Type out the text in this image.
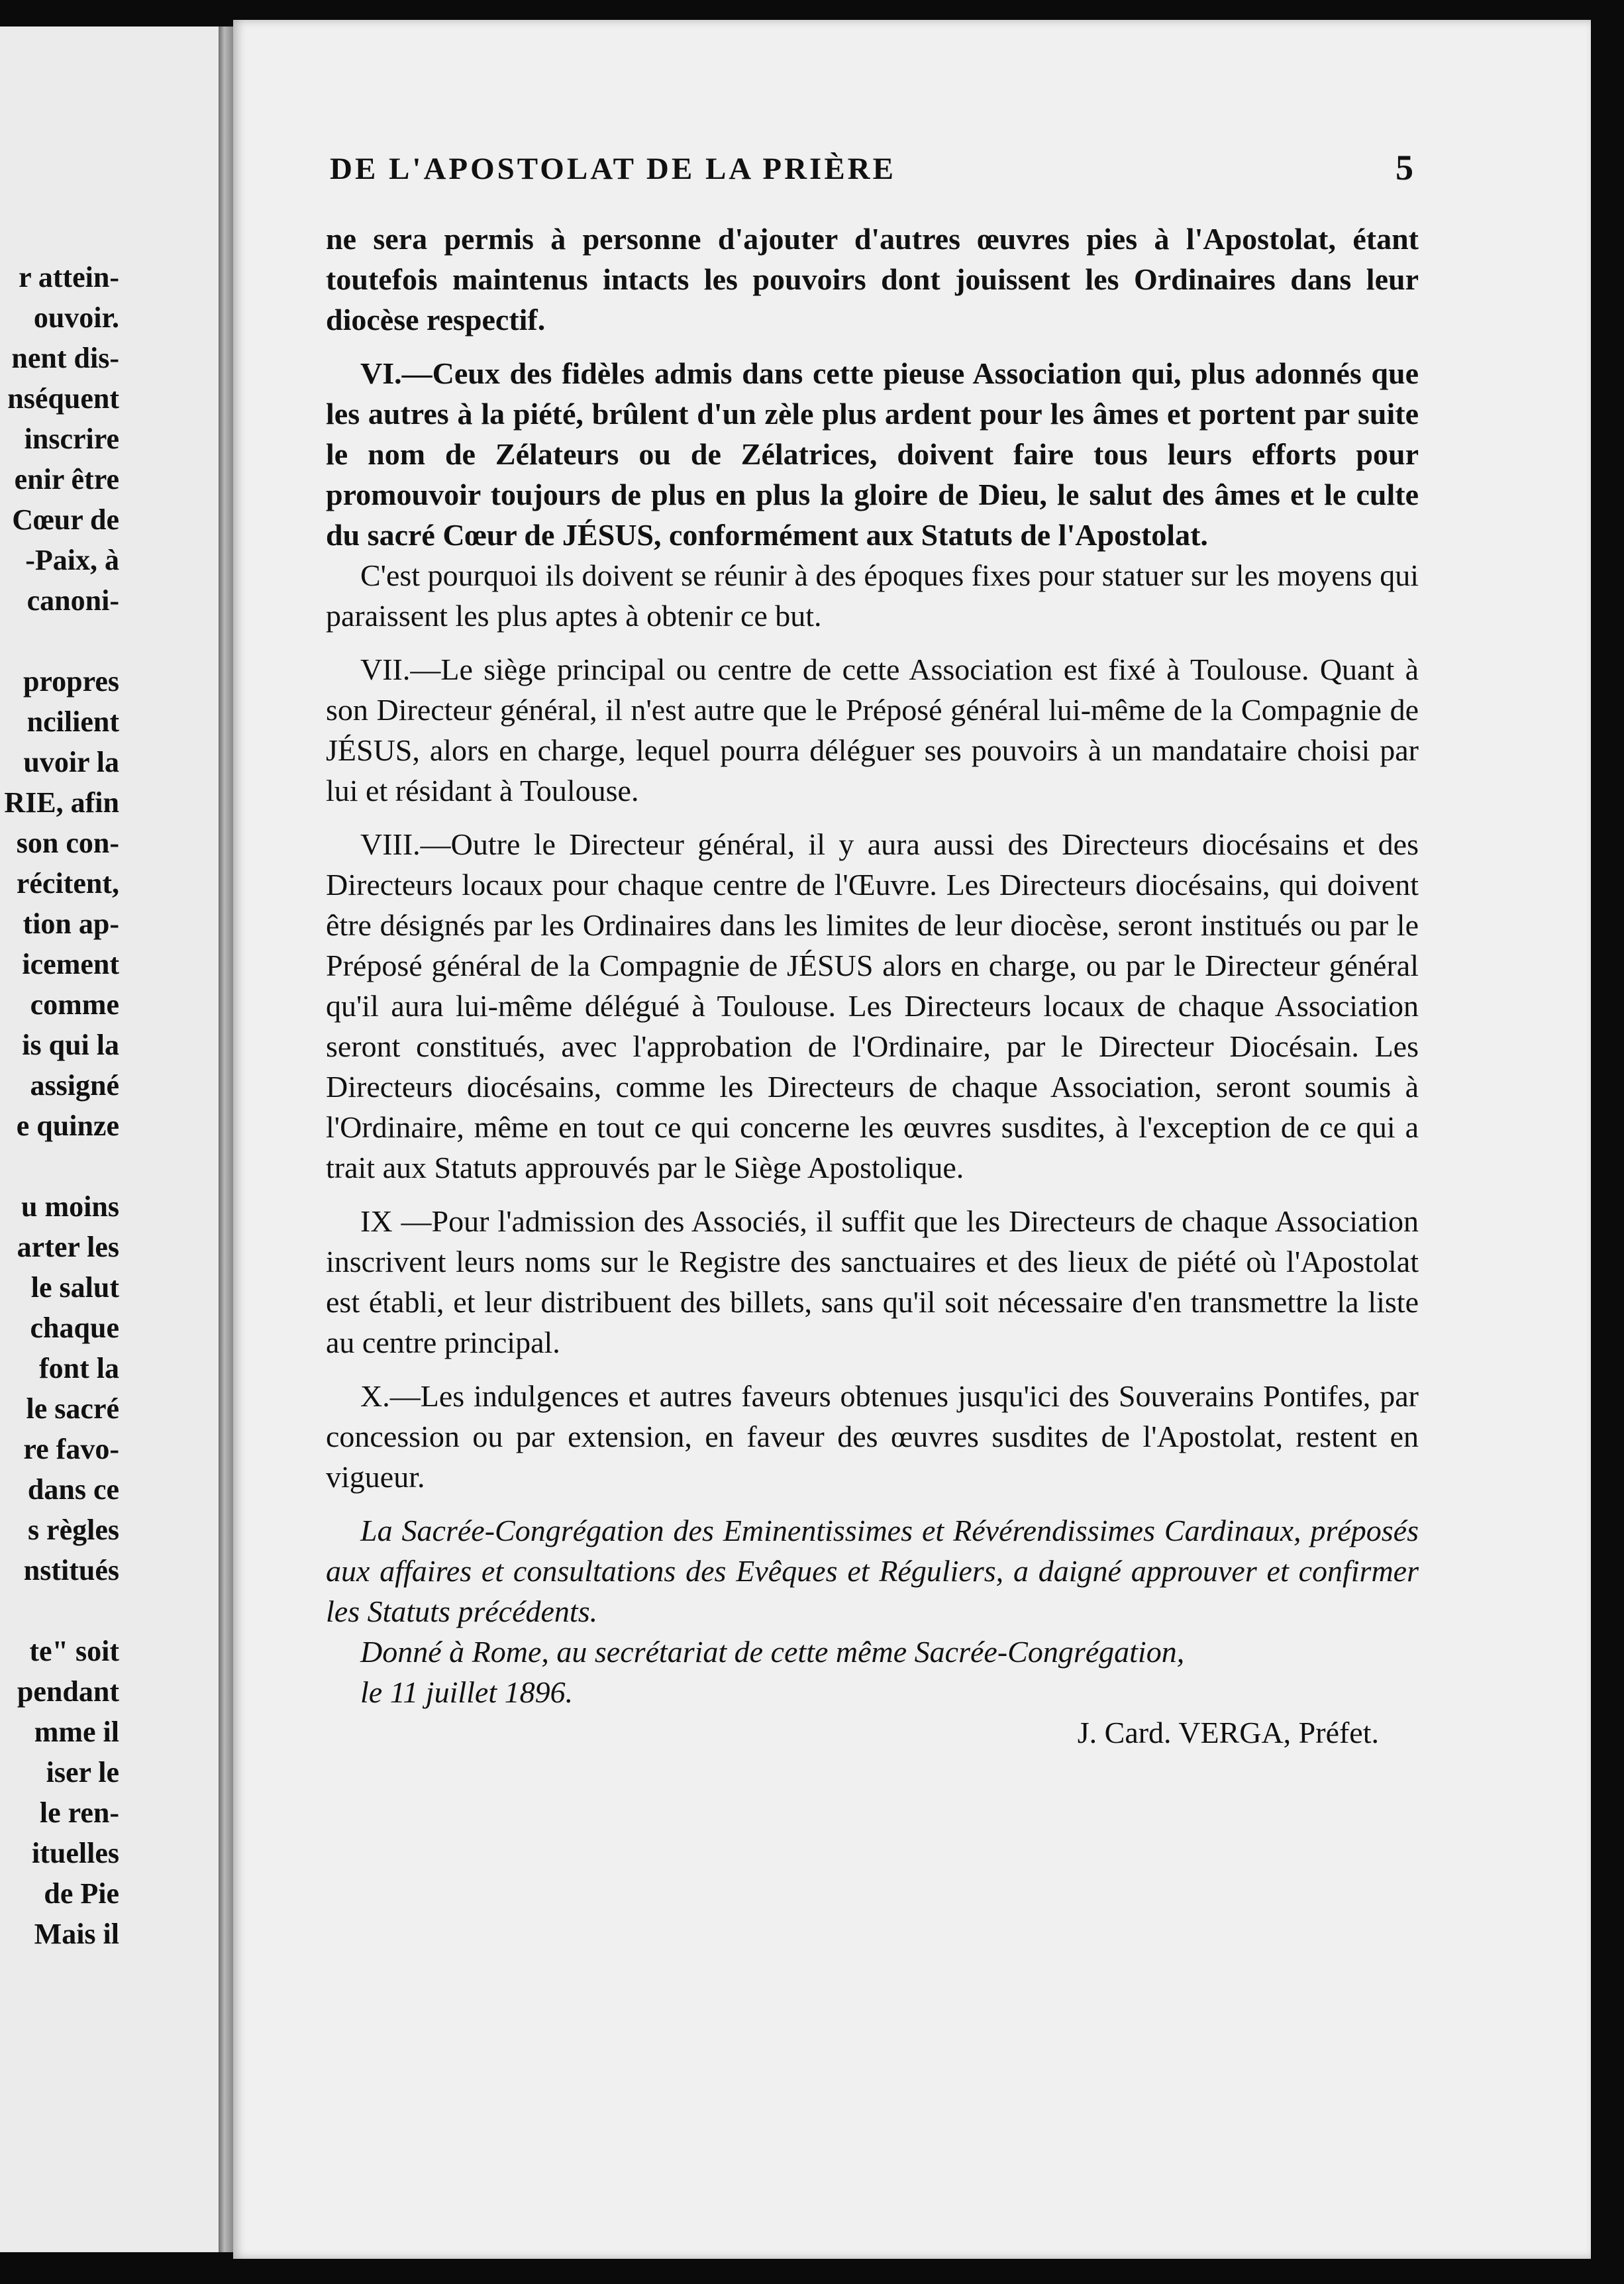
r attein-
ouvoir.
nent dis-
nséquent
inscrire
enir être
Cœur de
-Paix, à
canoni-
propres
ncilient
uvoir la
RIE, afin
son con-
récitent,
tion ap-
icement
comme
is qui la
assigné
e quinze
u moins
arter les
le salut
chaque
font la
le sacré
re favo-
dans ce
s règles
nstitués
te" soit
pendant
mme il
iser le
le ren-
ituelles
de Pie
Mais il
DE L'APOSTOLAT DE LA PRIÈRE	5

ne sera permis à personne d'ajouter d'autres œuvres pies à l'Apostolat, étant toutefois maintenus intacts les pouvoirs dont jouissent les Ordinaires dans leur diocèse respectif.

VI.—Ceux des fidèles admis dans cette pieuse Association qui, plus adonnés que les autres à la piété, brûlent d'un zèle plus ardent pour les âmes et portent par suite le nom de Zélateurs ou de Zélatrices, doivent faire tous leurs efforts pour promouvoir toujours de plus en plus la gloire de Dieu, le salut des âmes et le culte du sacré Cœur de JÉSUS, conformément aux Statuts de l'Apostolat.

C'est pourquoi ils doivent se réunir à des époques fixes pour statuer sur les moyens qui paraissent les plus aptes à obtenir ce but.

VII.—Le siège principal ou centre de cette Association est fixé à Toulouse. Quant à son Directeur général, il n'est autre que le Préposé général lui-même de la Compagnie de JÉSUS, alors en charge, lequel pourra déléguer ses pouvoirs à un mandataire choisi par lui et résidant à Toulouse.

VIII.—Outre le Directeur général, il y aura aussi des Directeurs diocésains et des Directeurs locaux pour chaque centre de l'Œuvre. Les Directeurs diocésains, qui doivent être désignés par les Ordinaires dans les limites de leur diocèse, seront institués ou par le Préposé général de la Compagnie de JÉSUS alors en charge, ou par le Directeur général qu'il aura lui-même délégué à Toulouse. Les Directeurs locaux de chaque Association seront constitués, avec l'approbation de l'Ordinaire, par le Directeur Diocésain. Les Directeurs diocésains, comme les Directeurs de chaque Association, seront soumis à l'Ordinaire, même en tout ce qui concerne les œuvres susdites, à l'exception de ce qui a trait aux Statuts approuvés par le Siège Apostolique.

IX —Pour l'admission des Associés, il suffit que les Directeurs de chaque Association inscrivent leurs noms sur le Registre des sanctuaires et des lieux de piété où l'Apostolat est établi, et leur distribuent des billets, sans qu'il soit nécessaire d'en transmettre la liste au centre principal.

X.—Les indulgences et autres faveurs obtenues jusqu'ici des Souverains Pontifes, par concession ou par extension, en faveur des œuvres susdites de l'Apostolat, restent en vigueur.

La Sacrée-Congrégation des Eminentissimes et Révérendissimes Cardinaux, préposés aux affaires et consultations des Evêques et Réguliers, a daigné approuver et confirmer les Statuts précédents.

Donné à Rome, au secrétariat de cette même Sacrée-Congrégation,

le 11 juillet 1896.

J. Card. VERGA, Préfet.
